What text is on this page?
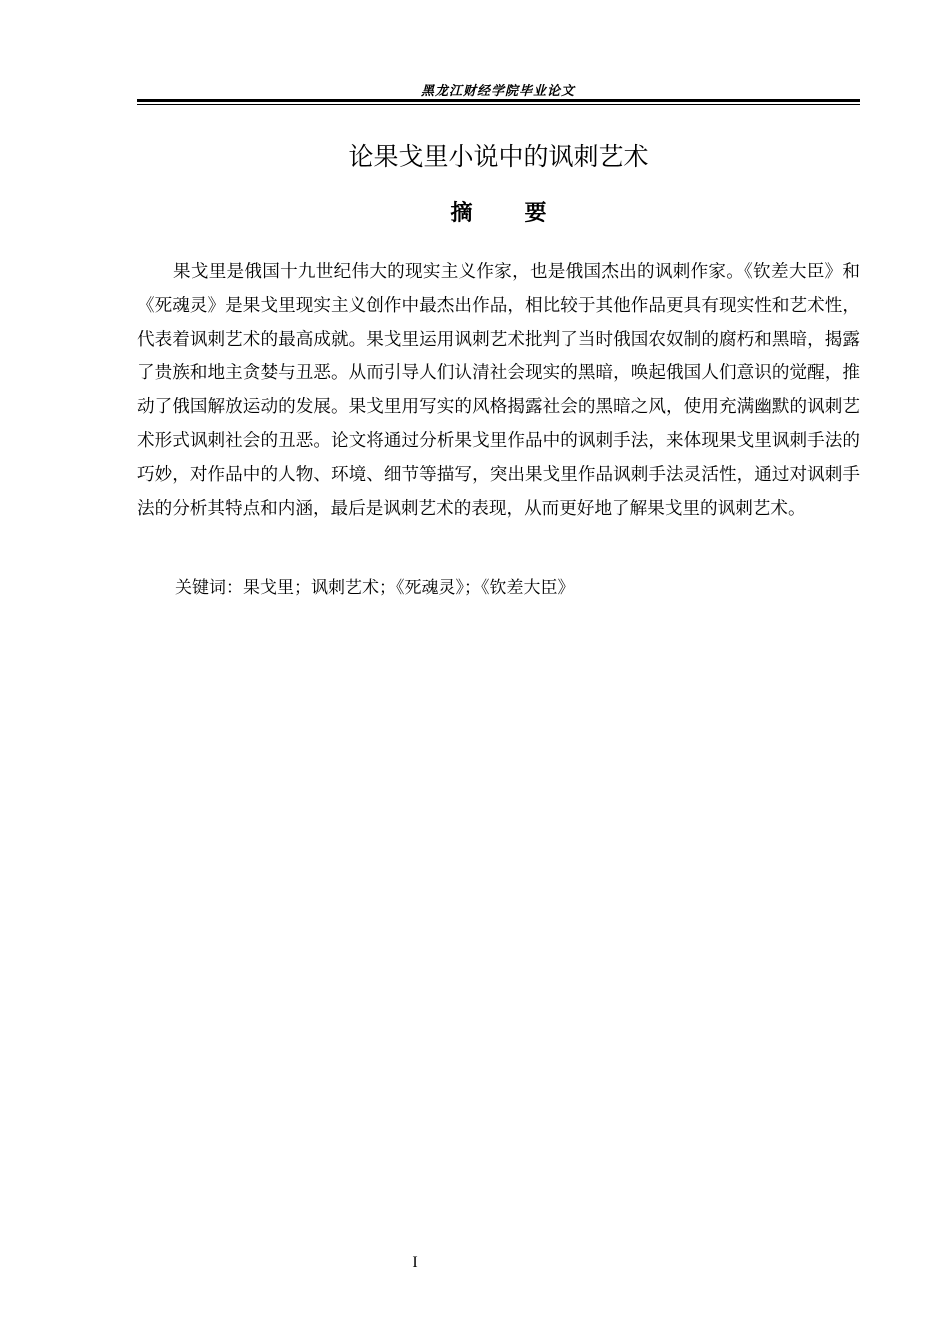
黑龙江财经学院毕业论文
论果戈里小说中的讽刺艺术
摘要

果戈里是俄国十九世纪伟大的现实主义作家，也是俄国杰出的讽刺作家。《钦差大臣》和《死魂灵》是果戈里现实主义创作中最杰出作品，相比较于其他作品更具有现实性和艺术性，代表着讽刺艺术的最高成就。果戈里运用讽刺艺术批判了当时俄国农奴制的腐朽和黑暗，揭露了贵族和地主贪婪与丑恶。从而引导人们认清社会现实的黑暗，唤起俄国人们意识的觉醒，推动了俄国解放运动的发展。果戈里用写实的风格揭露社会的黑暗之风，使用充满幽默的讽刺艺术形式讽刺社会的丑恶。论文将通过分析果戈里作品中的讽刺手法，来体现果戈里讽刺手法的巧妙，对作品中的人物、环境、细节等描写，突出果戈里作品讽刺手法灵活性，通过对讽刺手法的分析其特点和内涵，最后是讽刺艺术的表现，从而更好地了解果戈里的讽刺艺术。

关键词：果戈里；讽刺艺术；《死魂灵》；《钦差大臣》
I
